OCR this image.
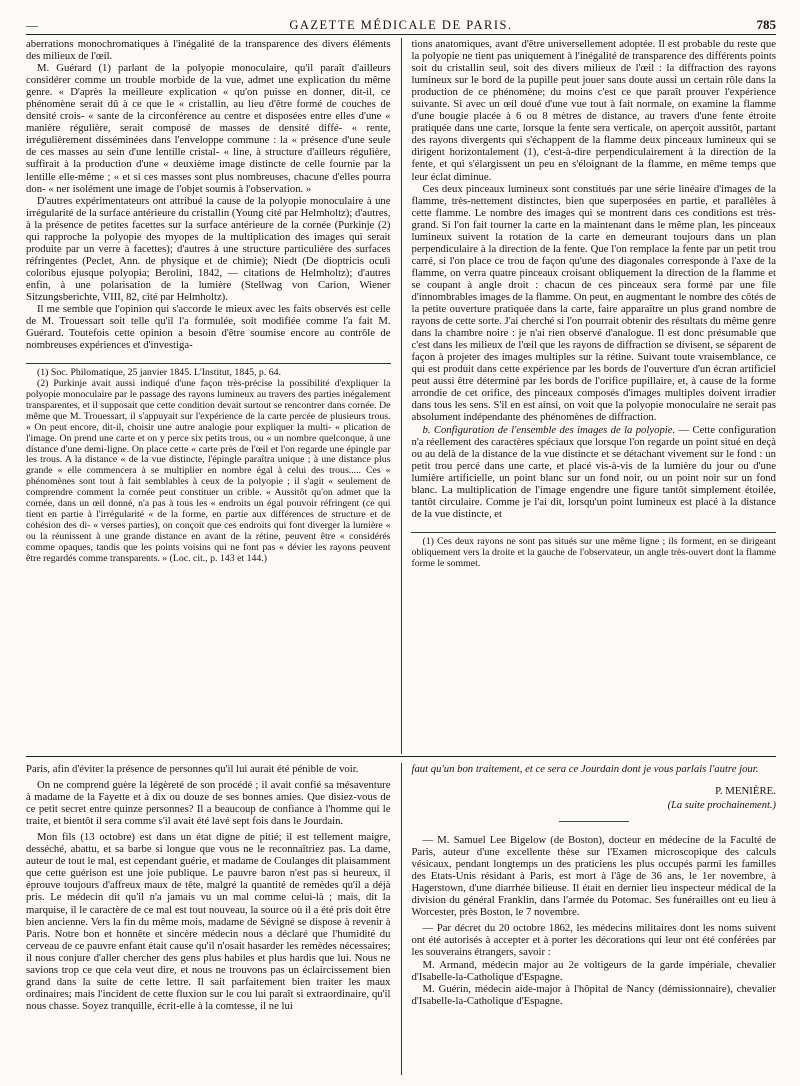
—	GAZETTE MÉDICALE DE PARIS.	785

aberrations monochromatiques à l'inégalité de la transparence des divers éléments des milieux de l'œil.

M. Guérard (1) parlant de la polyopie monoculaire, qu'il paraît d'ailleurs considérer comme un trouble morbide de la vue, admet une explication du même genre. « D'après la meilleure explication « qu'on puisse en donner, dit-il, ce phénomène serait dû à ce que le « cristallin, au lieu d'être formé de couches de densité crois- « sante de la circonférence au centre et disposées entre elles d'une « manière régulière, serait composé de masses de densité diffé- « rente, irrégulièrement disséminées dans l'enveloppe commune : la « présence d'une seule de ces masses au sein d'une lentille cristal- « line, à structure d'ailleurs régulière, suffirait à la production d'une « deuxième image distincte de celle fournie par la lentille elle-même ; « et si ces masses sont plus nombreuses, chacune d'elles pourra don- « ner isolément une image de l'objet soumis à l'observation. »

D'autres expérimentateurs ont attribué la cause de la polyopie monoculaire à une irrégularité de la surface antérieure du cristallin (Young cité par Helmholtz); d'autres, à la présence de petites facettes sur la surface antérieure de la cornée (Purkinje (2) qui rapproche la polyopie des myopes de la multiplication des images qui serait produite par un verre à facettes); d'autres à une structure particulière des surfaces réfringentes (Peclet, Ann. de physique et de chimie); Niedt (De dioptricis oculi coloribus ejusque polyopia; Berolini, 1842, — citations de Helmholtz); d'autres enfin, à une polarisation de la lumière (Stellwag von Carion, Wiener Sitzungsberichte, VIII, 82, cité par Helmholtz).

Il me semble que l'opinion qui s'accorde le mieux avec les faits observés est celle de M. Trouessart soit telle qu'il l'a formulée, soit modifiée comme l'a fait M. Guérard. Toutefois cette opinion a besoin d'être soumise encore au contrôle de nombreuses expériences et d'investiga-

(1) Soc. Philomatique, 25 janvier 1845. L'Institut, 1845, p. 64.

(2) Purkinje avait aussi indiqué d'une façon très-précise la possibilité d'expliquer la polyopie monoculaire par le passage des rayons lumineux au travers des parties inégalement transparentes, et il supposait que cette condition devait surtout se rencontrer dans cornée. De même que M. Trouessart, il s'appuyait sur l'expérience de la carte percée de plusieurs trous. « On peut encore, dit-il, choisir une autre analogie pour expliquer la multi- « plication de l'image. On prend une carte et on y perce six petits trous, ou « un nombre quelconque, à une distance d'une demi-ligne. On place cette « carte près de l'œil et l'on regarde une épingle par les trous. A la distance « de la vue distincte, l'épingle paraîtra unique ; à une distance plus grande « elle commencera à se multiplier en nombre égal à celui des trous..... Ces « phénomènes sont tout à fait semblables à ceux de la polyopie ; il s'agit « seulement de comprendre comment la cornée peut constituer un crible. « Aussitôt qu'on admet que la cornée, dans un œil donné, n'a pas à tous les « endroits un égal pouvoir réfringent (ce qui tient en partie à l'irrégularité « de la forme, en partie aux différences de structure et de cohésion des di- « verses parties), on conçoit que ces endroits qui font diverger la lumière « ou la réunissent à une grande distance en avant de la rétine, peuvent être « considérés comme opaques, tandis que les points voisins qui ne font pas « dévier les rayons peuvent être regardés comme transparents. » (Loc. cit., p. 143 et 144.)

tions anatomiques, avant d'être universellement adoptée. Il est probable du reste que la polyopie ne tient pas uniquement à l'inégalité de transparence des différents points soit du cristallin seul, soit des divers milieux de l'œil : la diffraction des rayons lumineux sur le bord de la pupille peut jouer sans doute aussi un certain rôle dans la production de ce phénomène; du moins c'est ce que paraît prouver l'expérience suivante. Si avec un œil doué d'une vue tout à fait normale, on examine la flamme d'une bougie placée à 6 ou 8 mètres de distance, au travers d'une fente étroite pratiquée dans une carte, lorsque la fente sera verticale, on aperçoit aussitôt, partant des rayons divergents qui s'échappent de la flamme deux pinceaux lumineux qui se dirigent horizontalement (1), c'est-à-dire perpendiculairement à la direction de la fente, et qui s'élargissent un peu en s'éloignant de la flamme, en même temps que leur éclat diminue.

Ces deux pinceaux lumineux sont constitués par une série linéaire d'images de la flamme, très-nettement distinctes, bien que superposées en partie, et parallèles à cette flamme. Le nombre des images qui se montrent dans ces conditions est très-grand. Si l'on fait tourner la carte en la maintenant dans le même plan, les pinceaux lumineux suivent la rotation de la carte en demeurant toujours dans un plan perpendiculaire à la direction de la fente. Que l'on remplace la fente par un petit trou carré, si l'on place ce trou de façon qu'une des diagonales corresponde à l'axe de la flamme, on verra quatre pinceaux croisant obliquement la direction de la flamme et se coupant à angle droit : chacun de ces pinceaux sera formé par une file d'innombrables images de la flamme. On peut, en augmentant le nombre des côtés de la petite ouverture pratiquée dans la carte, faire apparaître un plus grand nombre de rayons de cette sorte. J'ai cherché si l'on pourrait obtenir des résultats du même genre dans la chambre noire : je n'ai rien observé d'analogue. Il est donc présumable que c'est dans les milieux de l'œil que les rayons de diffraction se divisent, se séparent de façon à projeter des images multiples sur la rétine. Suivant toute vraisemblance, ce qui est produit dans cette expérience par les bords de l'ouverture d'un écran artificiel peut aussi être déterminé par les bords de l'orifice pupillaire, et, à cause de la forme arrondie de cet orifice, des pinceaux composés d'images multiples doivent irradier dans tous les sens. S'il en est ainsi, on voit que la polyopie monoculaire ne serait pas absolument indépendante des phénomènes de diffraction.

b. Configuration de l'ensemble des images de la polyopie. — Cette configuration n'a réellement des caractères spéciaux que lorsque l'on regarde un point situé en deçà ou au delà de la distance de la vue distincte et se détachant vivement sur le fond : un petit trou percé dans une carte, et placé vis-à-vis de la lumière du jour ou d'une lumière artificielle, un point blanc sur un fond noir, ou un point noir sur un fond blanc. La multiplication de l'image engendre une figure tantôt simplement étoilée, tantôt circulaire. Comme je l'ai dit, lorsqu'un point lumineux est placé à la distance de la vue distincte, et

(1) Ces deux rayons ne sont pas situés sur une même ligne ; ils forment, en se dirigeant obliquement vers la droite et la gauche de l'observateur, un angle très-ouvert dont la flamme forme le sommet.

Paris, afin d'éviter la présence de personnes qu'il lui aurait été pénible de voir.

On ne comprend guère la légèreté de son procédé ; il avait confié sa mésaventure à madame de la Fayette et à dix ou douze de ses bonnes amies. Que disiez-vous de ce petit secret entre quinze personnes? Il a beaucoup de confiance à l'homme qui le traite, et bientôt il sera comme s'il avait été lavé sept fois dans le Jourdain.

Mon fils (13 octobre) est dans un état digne de pitié; il est tellement maigre, desséché, abattu, et sa barbe si longue que vous ne le reconnaîtriez pas. La dame, auteur de tout le mal, est cependant guérie, et madame de Coulanges dit plaisamment que cette guérison est une joie publique. Le pauvre baron n'est pas si heureux, il éprouve toujours d'affreux maux de tête, malgré la quantité de remèdes qu'il a déjà pris. Le médecin dit qu'il n'a jamais vu un mal comme celui-là ; mais, dit la marquise, il le caractère de ce mal est tout nouveau, la source où il a été pris doit être bien ancienne. Vers la fin du même mois, madame de Sévigné se dispose à revenir à Paris. Notre bon et honnête et sincère médecin nous a déclaré que l'humidité du cerveau de ce pauvre enfant était cause qu'il n'osait hasarder les remèdes nécessaires; il nous conjure d'aller chercher des gens plus habiles et plus hardis que lui. Nous ne savions trop ce que cela veut dire, et nous ne trouvons pas un éclaircissement bien grand dans la suite de cette lettre. Il sait parfaitement bien traiter les maux ordinaires; mais l'incident de cette fluxion sur le cou lui paraît si extraordinaire, qu'il nous chasse. Soyez tranquille, écrit-elle à la comtesse, il ne lui

faut qu'un bon traitement, et ce sera ce Jourdain dont je vous parlais l'autre jour.

P. MENIÈRE.
(La suite prochainement.)

— M. Samuel Lee Bigelow (de Boston), docteur en médecine de la Faculté de Paris, auteur d'une excellente thèse sur l'Examen microscopique des calculs vésicaux, pendant longtemps un des praticiens les plus occupés parmi les familles des Etats-Unis résidant à Paris, est mort à l'âge de 36 ans, le 1er novembre, à Hagerstown, d'une diarrhée bilieuse. Il était en dernier lieu inspecteur médical de la division du général Franklin, dans l'armée du Potomac. Ses funérailles ont eu lieu à Worcester, près Boston, le 7 novembre.

— Par décret du 20 octobre 1862, les médecins militaires dont les noms suivent ont été autorisés à accepter et à porter les décorations qui leur ont été conférées par les souverains étrangers, savoir :

M. Armand, médecin major au 2e voltigeurs de la garde impériale, chevalier d'Isabelle-la-Catholique d'Espagne.

M. Guérin, médecin aide-major à l'hôpital de Nancy (démissionnaire), chevalier d'Isabelle-la-Catholique d'Espagne.
